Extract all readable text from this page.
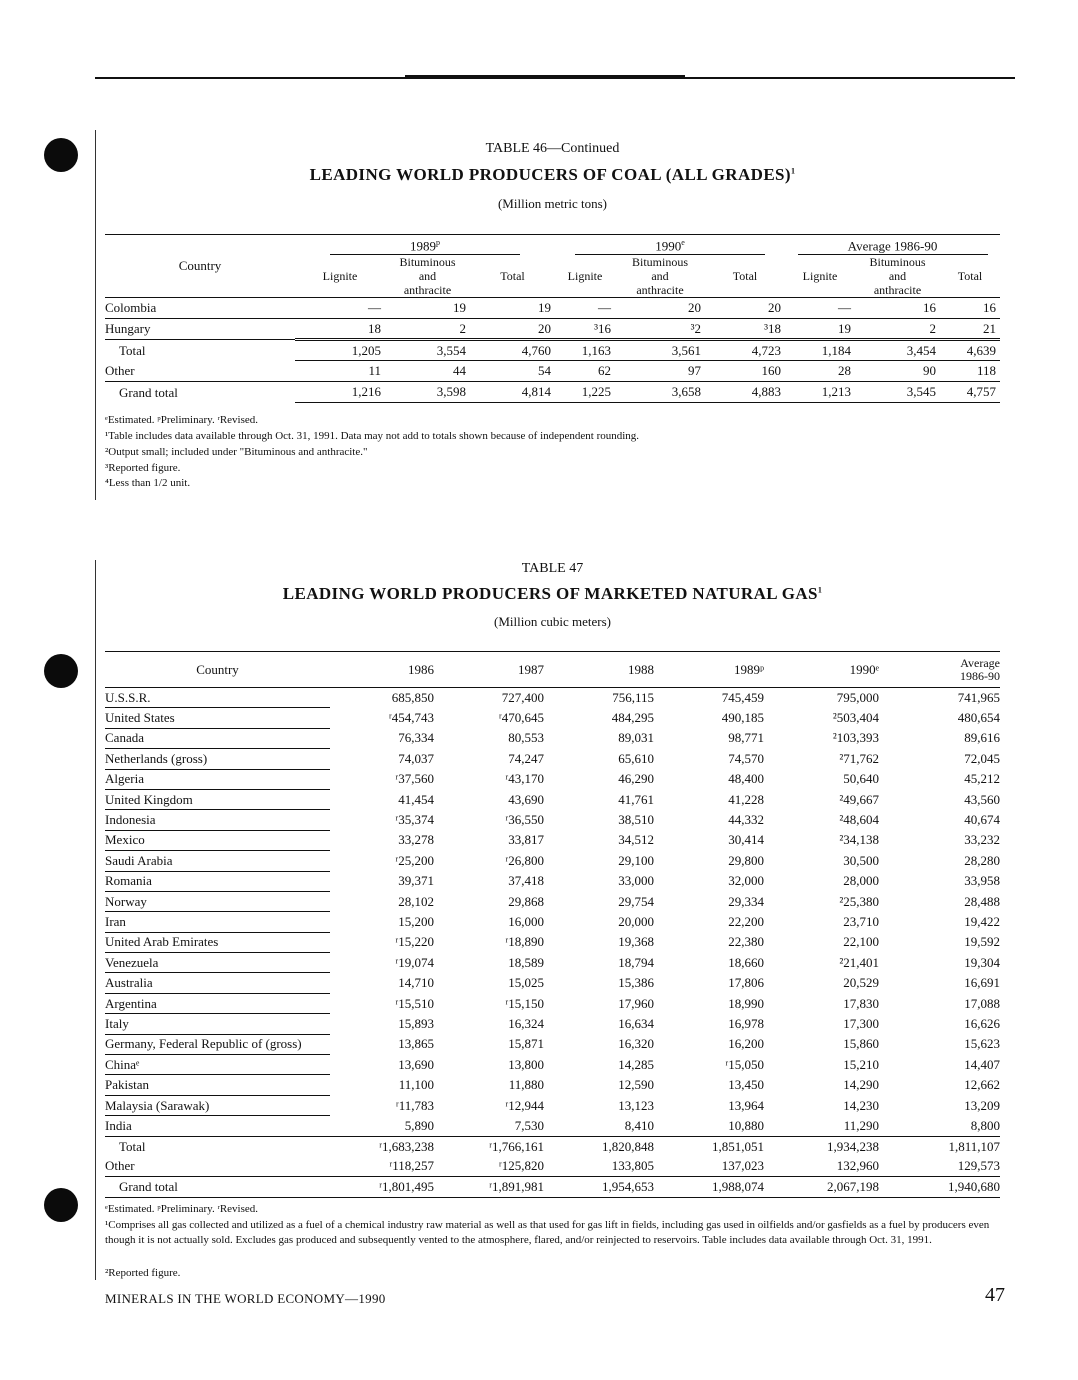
TABLE 46—Continued
LEADING WORLD PRODUCERS OF COAL (ALL GRADES)$^1$
(Million metric tons)
Country	1989$^p$			1990e			Average 1986-90		
	Lignite	Bituminous	Total	Lignite	Bituminous	Total	Lignite	Bituminous	Total
		and			and			and	
		anthracite			anthracite			anthracite	
Colombia	—	19	19	—	20	20	—	16	16
Hungary	18	2	20	³16	³2	³18	19	2	21
Total	1,205	3,554	4,760	1,163	3,561	4,723	1,184	3,454	4,639
Other	11	44	54	62	97	160	28	90	118
Grand total	1,216	3,598	4,814	1,225	3,658	4,883	1,213	3,545	4,757
ᵉEstimated. ᵖPreliminary. ʳRevised.
¹Table includes data available through Oct. 31, 1991. Data may not add to totals shown because of independent rounding.
²Output small; included under "Bituminous and anthracite."
³Reported figure.
⁴Less than 1/2 unit.
TABLE 47
LEADING WORLD PRODUCERS OF MARKETED NATURAL GAS$^1$
(Million cubic meters)
Country	1986	1987	1988	1989ᵖ	1990ᵉ	Average
1986-90
U.S.S.R.	685,850	727,400	756,115	745,459	795,000	741,965
United States	ʳ454,743	ʳ470,645	484,295	490,185	²503,404	480,654
Canada	76,334	80,553	89,031	98,771	²103,393	89,616
Netherlands (gross)	74,037	74,247	65,610	74,570	²71,762	72,045
Algeria	ʳ37,560	ʳ43,170	46,290	48,400	50,640	45,212
United Kingdom	41,454	43,690	41,761	41,228	²49,667	43,560
Indonesia	ʳ35,374	ʳ36,550	38,510	44,332	²48,604	40,674
Mexico	33,278	33,817	34,512	30,414	²34,138	33,232
Saudi Arabia	ʳ25,200	ʳ26,800	29,100	29,800	30,500	28,280
Romania	39,371	37,418	33,000	32,000	28,000	33,958
Norway	28,102	29,868	29,754	29,334	²25,380	28,488
Iran	15,200	16,000	20,000	22,200	23,710	19,422
United Arab Emirates	ʳ15,220	ʳ18,890	19,368	22,380	22,100	19,592
Venezuela	ʳ19,074	18,589	18,794	18,660	²21,401	19,304
Australia	14,710	15,025	15,386	17,806	20,529	16,691
Argentina	ʳ15,510	ʳ15,150	17,960	18,990	17,830	17,088
Italy	15,893	16,324	16,634	16,978	17,300	16,626
Germany, Federal Republic of (gross)	13,865	15,871	16,320	16,200	15,860	15,623
Chinaᵉ	13,690	13,800	14,285	ʳ15,050	15,210	14,407
Pakistan	11,100	11,880	12,590	13,450	14,290	12,662
Malaysia (Sarawak)	ʳ11,783	ʳ12,944	13,123	13,964	14,230	13,209
India	5,890	7,530	8,410	10,880	11,290	8,800
Total	ʳ1,683,238	ʳ1,766,161	1,820,848	1,851,051	1,934,238	1,811,107
Other	ʳ118,257	ʳ125,820	133,805	137,023	132,960	129,573
Grand total	ʳ1,801,495	ʳ1,891,981	1,954,653	1,988,074	2,067,198	1,940,680
ᵉEstimated. ᵖPreliminary. ʳRevised.
¹Comprises all gas collected and utilized as a fuel of a chemical industry raw material as well as that used for gas lift in fields, including gas used in oilfields and/or gasfields as a fuel by producers even though it is not actually sold. Excludes gas produced and subsequently vented to the atmosphere, flared, and/or reinjected to reservoirs. Table includes data available through Oct. 31, 1991.
²Reported figure.
MINERALS IN THE WORLD ECONOMY—1990	47
